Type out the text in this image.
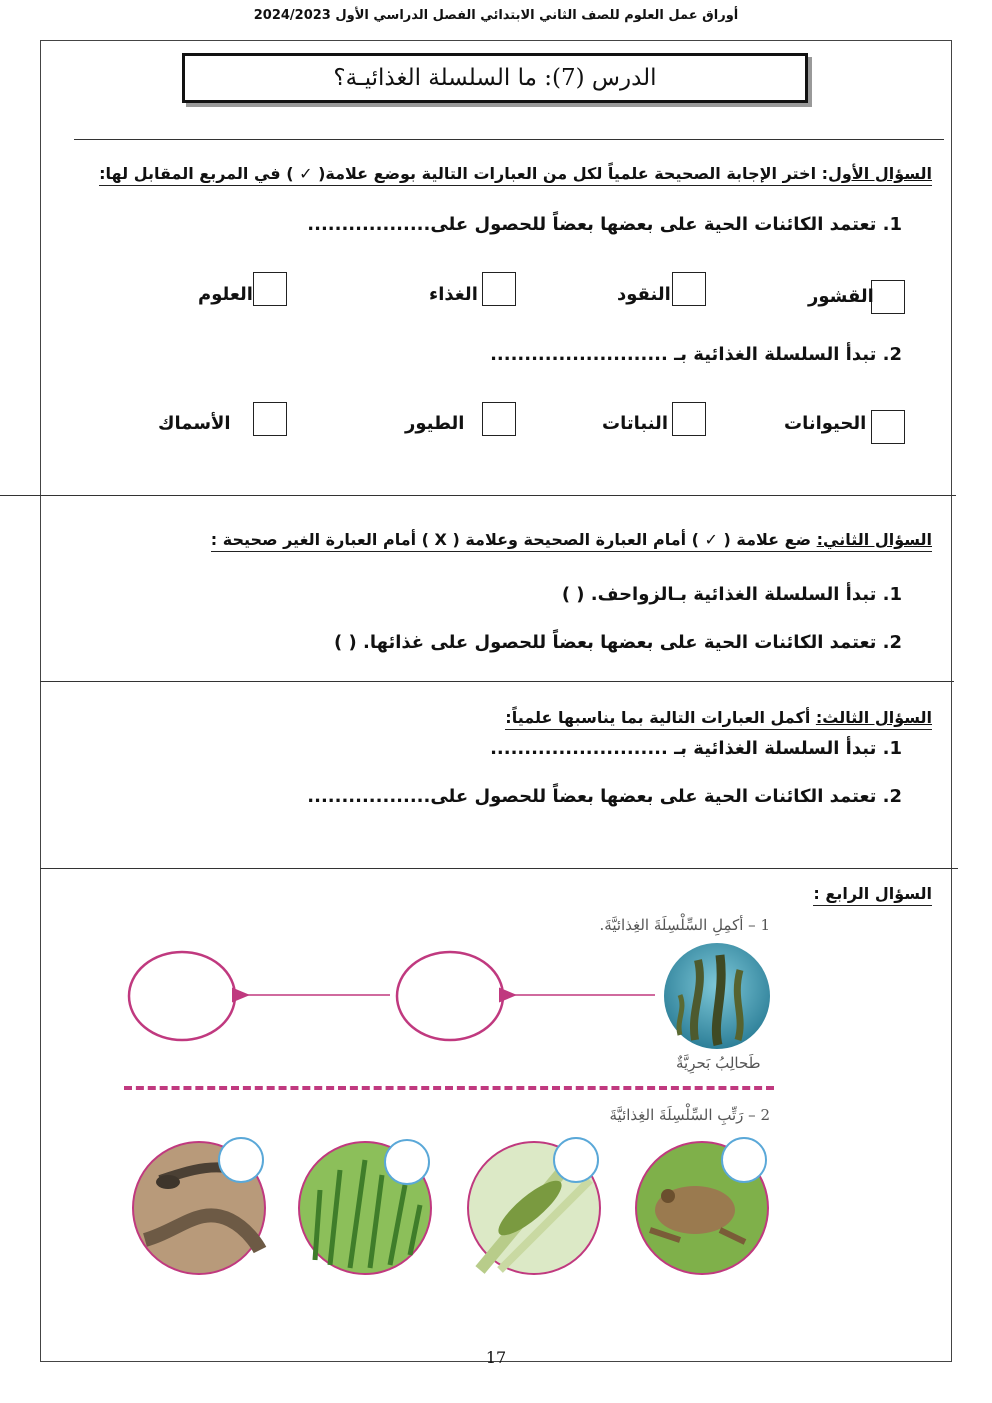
أوراق عمل العلوم للصف الثاني الابتدائي الفصل الدراسي الأول 2024/2023
الدرس (7): ما السلسلة الغذائيـة؟
السؤال الأول: اختر الإجابة الصحيحة علمياً لكل من العبارات التالية بوضع علامة( ✓ ) في المربع المقابل لها:
1. تعتمد الكائنات الحية على بعضها بعضاً للحصول على..................
القشور
النقود
الغذاء
العلوم
2. تبدأ السلسلة الغذائية بـ ..........................
الحيوانات
النباتات
الطيور
الأسماك
السؤال الثاني: ضع علامة ( ✓ ) أمام العبارة الصحيحة وعلامة ( X ) أمام العبارة الغير صحيحة :
1. تبدأ السلسلة الغذائية بـالزواحف. ( )
2. تعتمد الكائنات الحية على بعضها بعضاً للحصول على غذائها. ( )
السؤال الثالث: أكمل العبارات التالية بما يناسبها علمياً:
1. تبدأ السلسلة الغذائية بـ ..........................
2. تعتمد الكائنات الحية على بعضها بعضاً للحصول على..................
السؤال الرابع :
1 – أكمِلِ السِّلْسِلَةَ الغِذائيَّةَ.
طَحالِبُ بَحرِيَّةٌ
2 – رَتِّبِ السِّلْسِلَةَ الغِذائيَّةَ
17
